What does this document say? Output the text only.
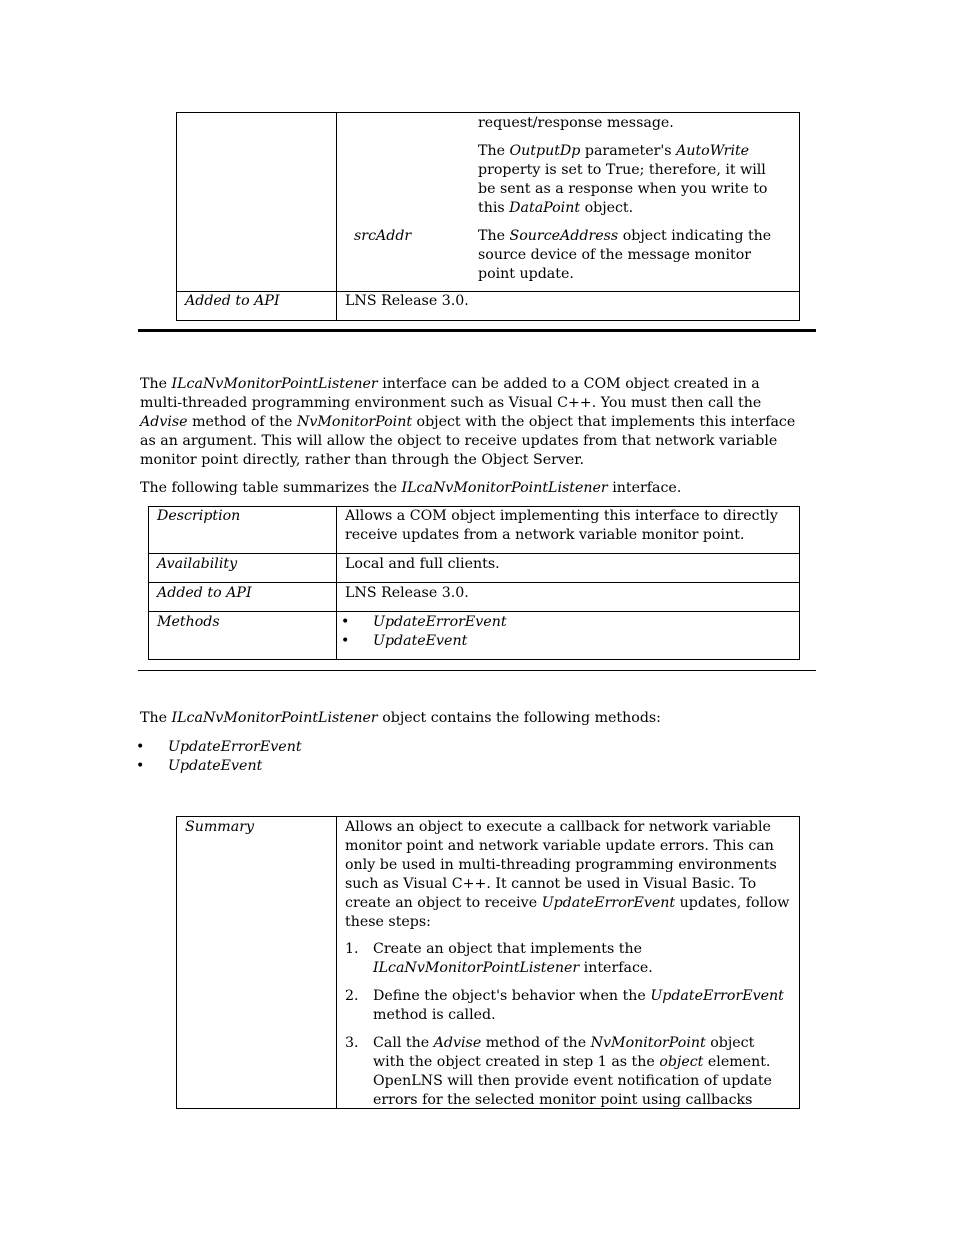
request/response message.
The OutputDp parameter's AutoWrite
property is set to True; therefore, it will
be sent as a response when you write to
this DataPoint object.
srcAddr	The SourceAddress object indicating the
source device of the message monitor
point update.
Added to API	LNS Release 3.0.
The ILcaNvMonitorPointListener interface can be added to a COM object created in a
multi-threaded programming environment such as Visual C++. You must then call the
Advise method of the NvMonitorPoint object with the object that implements this interface
as an argument. This will allow the object to receive updates from that network variable
monitor point directly, rather than through the Object Server.
The following table summarizes the ILcaNvMonitorPointListener interface.
Description	Allows a COM object implementing this interface to directly
receive updates from a network variable monitor point.
Availability	Local and full clients.
Added to API	LNS Release 3.0.
Methods
•	UpdateErrorEvent
• UpdateEvent
The ILcaNvMonitorPointListener object contains the following methods:
• UpdateErrorEvent
• UpdateEvent
Summary	Allows an object to execute a callback for network variable
monitor point and network variable update errors. This can
only be used in multi-threading programming environments
such as Visual C++. It cannot be used in Visual Basic. To
create an object to receive UpdateErrorEvent updates, follow
these steps:
1. Create an object that implements the
ILcaNvMonitorPointListener interface.
2. Define the object's behavior when the UpdateErrorEvent
method is called.
3. Call the Advise method of the NvMonitorPoint object
with the object created in step 1 as the object element.
OpenLNS will then provide event notification of update
errors for the selected monitor point using callbacks
